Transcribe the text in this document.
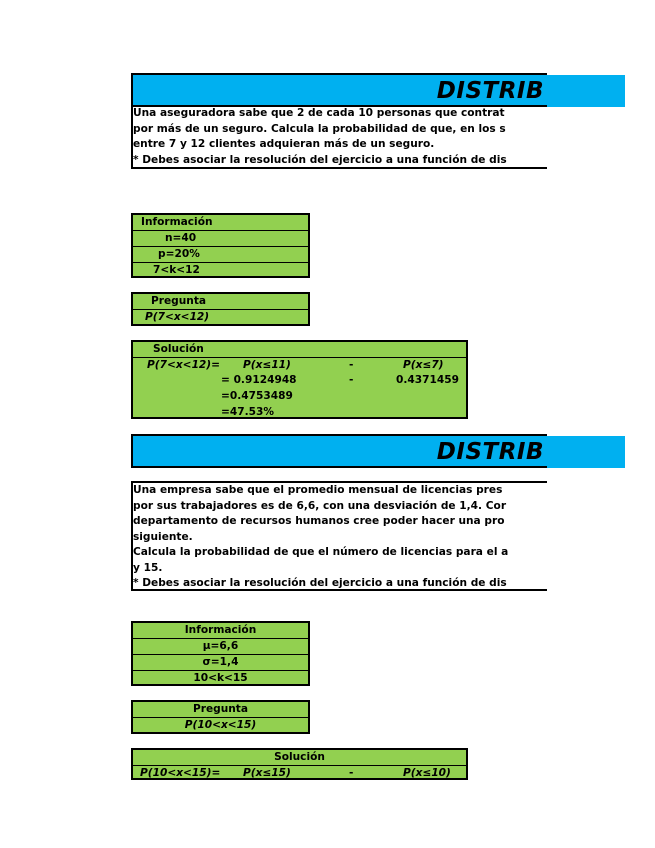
DISTRIB
Una aseguradora sabe que 2 de cada 10 personas que contrat
por más de un seguro. Calcula la probabilidad de que, en los s
entre 7 y 12 clientes adquieran más de un seguro.
* Debes asociar la resolución del ejercicio a una función de dis
Información
n=40
p=20%
7<k<12
Pregunta
P(7<x<12)
Solución
P(7<x<12)= P(x≤11)	-	P(x≤7)
= 0.9124948	-	0.4371459
=0.4753489
=47.53%
DISTRIB
Una empresa sabe que el promedio mensual de licencias pres
por sus trabajadores es de 6,6, con una desviación de 1,4. Cor
departamento de recursos humanos cree poder hacer una pro
siguiente.
Calcula la probabilidad de que el número de licencias para el a
y 15.
* Debes asociar la resolución del ejercicio a una función de dis
Información
μ=6,6
σ=1,4
10<k<15
Pregunta
P(10<x<15)
Solución
P(10<x<15)= P(x≤15)	-	P(x≤10)
